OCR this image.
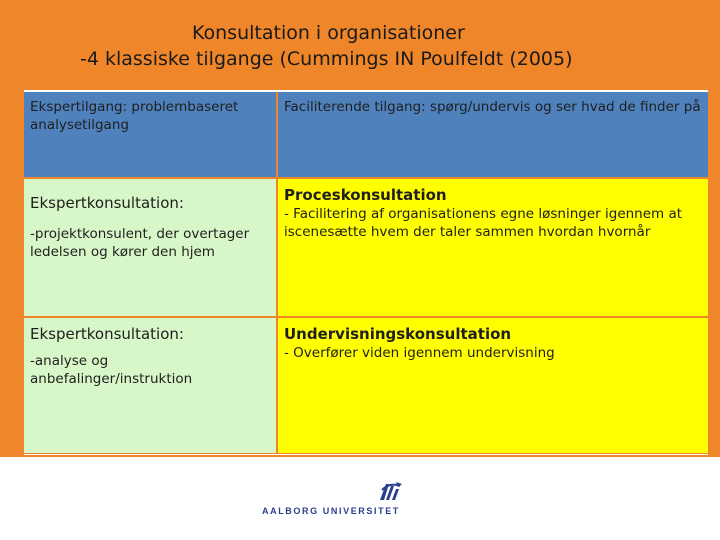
Konsultation i organisationer
-4 klassiske tilgange (Cummings IN Poulfeldt (2005)
Ekspertilgang: problembaseret analysetilgang
Faciliterende tilgang: spørg/undervis og ser hvad de finder på
Ekspertkonsultation:
-projektkonsulent, der overtager ledelsen og kører den hjem
Proceskonsultation
- Facilitering af organisationens egne løsninger igennem at iscenesætte hvem der taler sammen hvordan hvornår
Ekspertkonsultation:
-analyse og anbefalinger/instruktion
Undervisningskonsultation
- Overfører viden igennem undervisning
AALBORG UNIVERSITET
